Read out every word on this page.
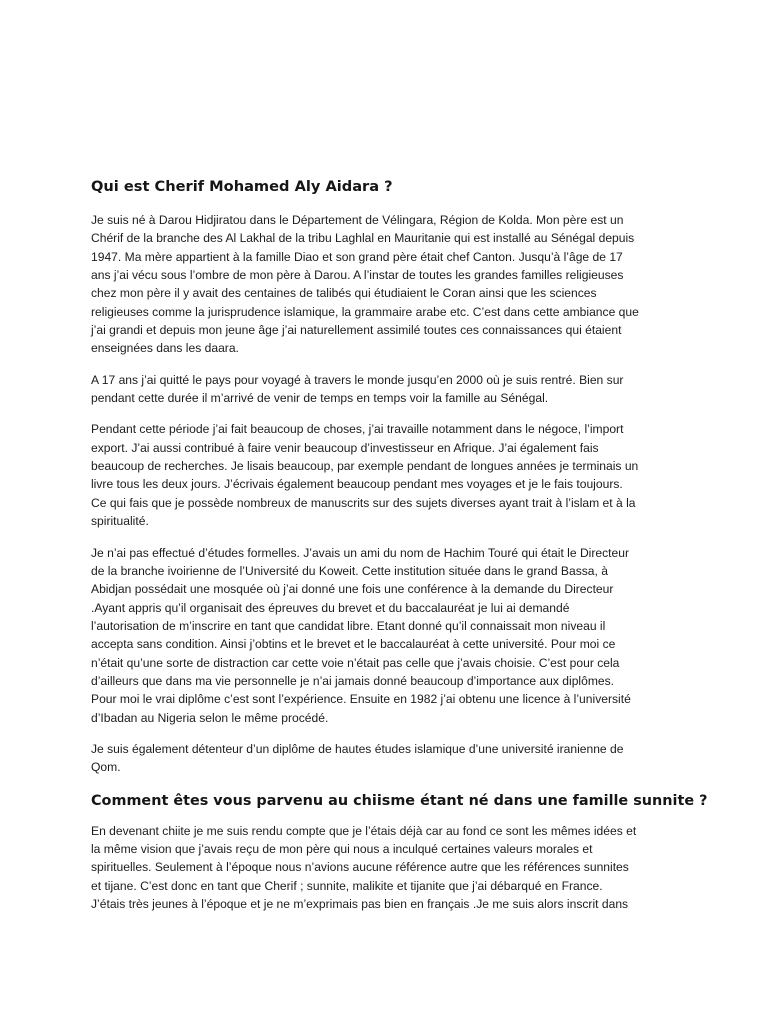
Qui est Cherif Mohamed Aly Aidara ?

Je suis né à Darou Hidjiratou dans le Département de Vélingara, Région de Kolda. Mon père est un
Chérif de la branche des Al Lakhal de la tribu Laghlal en Mauritanie qui est installé au Sénégal depuis
1947. Ma mère appartient à la famille Diao et son grand père était chef Canton. Jusqu’à l’âge de 17
ans j’ai vécu sous l’ombre de mon père à Darou. A l’instar de toutes les grandes familles religieuses
chez mon père il y avait des centaines de talibés qui étudiaient le Coran ainsi que les sciences
religieuses comme la jurisprudence islamique, la grammaire arabe etc. C’est dans cette ambiance que
j’ai grandi et depuis mon jeune âge j’ai naturellement assimilé toutes ces connaissances qui étaient
enseignées dans les daara.

A 17 ans j’ai quitté le pays pour voyagé à travers le monde jusqu’en 2000 où je suis rentré. Bien sur
pendant cette durée il m’arrivé de venir de temps en temps voir la famille au Sénégal.

Pendant cette période j’ai fait beaucoup de choses, j’ai travaille notamment dans le négoce, l’import
export. J’ai aussi contribué à faire venir beaucoup d’investisseur en Afrique. J’ai également fais
beaucoup de recherches. Je lisais beaucoup, par exemple pendant de longues années je terminais un
livre tous les deux jours. J’écrivais également beaucoup pendant mes voyages et je le fais toujours.
Ce qui fais que je possède nombreux de manuscrits sur des sujets diverses ayant trait à l’islam et à la
spiritualité.

Je n’ai pas effectué d’études formelles. J’avais un ami du nom de Hachim Touré qui était le Directeur
de la branche ivoirienne de l’Université du Koweit. Cette institution située dans le grand Bassa, à
Abidjan possédait une mosquée où j’ai donné une fois une conférence à la demande du Directeur
.Ayant appris qu’il organisait des épreuves du brevet et du baccalauréat je lui ai demandé
l’autorisation de m’inscrire en tant que candidat libre. Etant donné qu’il connaissait mon niveau il
accepta sans condition. Ainsi j’obtins et le brevet et le baccalauréat à cette université. Pour moi ce
n’était qu’une sorte de distraction car cette voie n’était pas celle que j’avais choisie. C’est pour cela
d’ailleurs que dans ma vie personnelle je n’ai jamais donné beaucoup d’importance aux diplômes.
Pour moi le vrai diplôme c’est sont l’expérience. Ensuite en 1982 j’ai obtenu une licence à l’université
d’Ibadan au Nigeria selon le même procédé.

Je suis également détenteur d’un diplôme de hautes études islamique d’une université iranienne de
Qom.

Comment êtes vous parvenu au chiisme étant né dans une famille sunnite ?

En devenant chiite je me suis rendu compte que je l’étais déjà car au fond ce sont les mêmes idées et
la même vision que j’avais reçu de mon père qui nous a inculqué certaines valeurs morales et
spirituelles. Seulement à l’époque nous n’avions aucune référence autre que les références sunnites
et tijane. C’est donc en tant que Cherif ; sunnite, malikite et tijanite que j’ai débarqué en France.
J’étais très jeunes à l’époque et je ne m’exprimais pas bien en français .Je me suis alors inscrit dans
